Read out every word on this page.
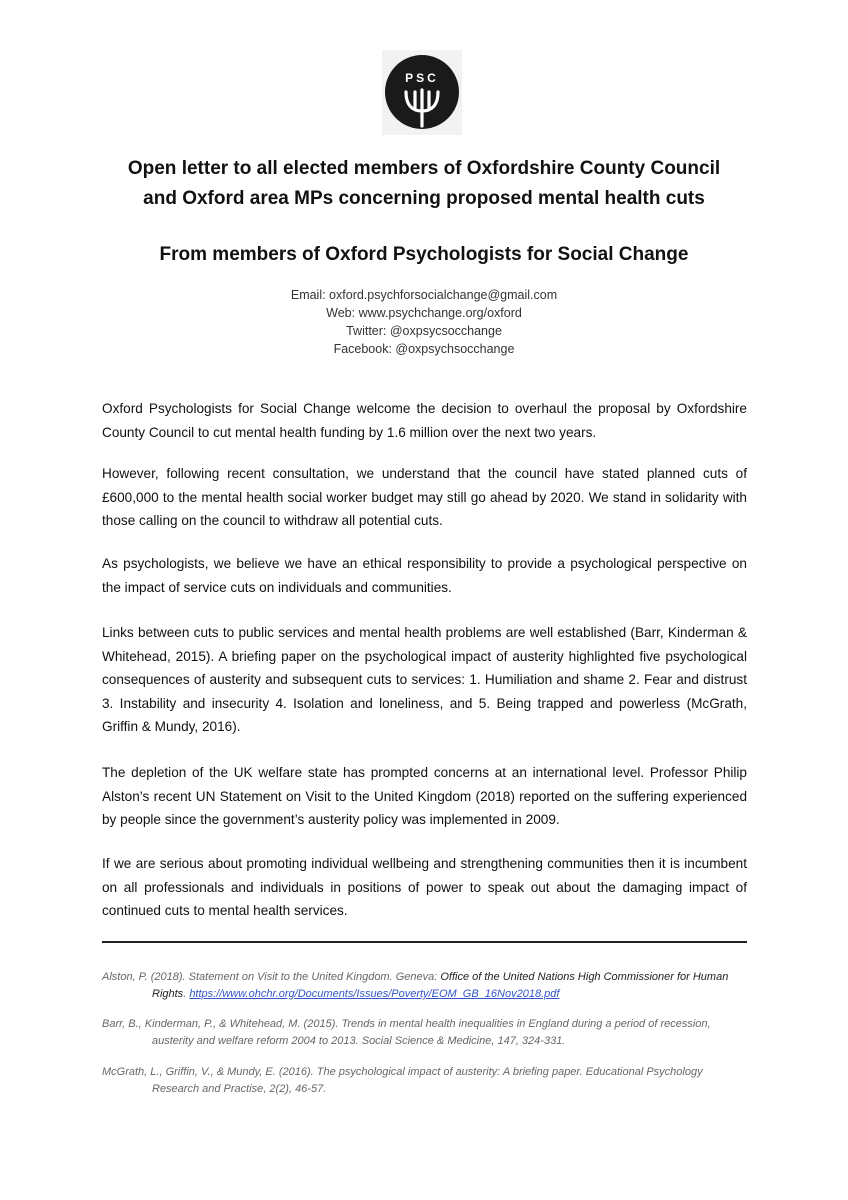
PSC
Open letter to all elected members of Oxfordshire County Council
and Oxford area MPs concerning proposed mental health cuts
From members of Oxford Psychologists for Social Change
Email: oxford.psychforsocialchange@gmail.com
Web: www.psychchange.org/oxford
Twitter: @oxpsycsocchange
Facebook: @oxpsychsocchange

Oxford Psychologists for Social Change welcome the decision to overhaul the proposal by Oxfordshire County Council to cut mental health funding by 1.6 million over the next two years.

However, following recent consultation, we understand that the council have stated planned cuts of £600,000 to the mental health social worker budget may still go ahead by 2020. We stand in solidarity with those calling on the council to withdraw all potential cuts.

As psychologists, we believe we have an ethical responsibility to provide a psychological perspective on the impact of service cuts on individuals and communities.

Links between cuts to public services and mental health problems are well established (Barr, Kinderman & Whitehead, 2015). A briefing paper on the psychological impact of austerity highlighted five psychological consequences of austerity and subsequent cuts to services: 1. Humiliation and shame 2. Fear and distrust 3. Instability and insecurity 4. Isolation and loneliness, and 5. Being trapped and powerless (McGrath, Griffin & Mundy, 2016).

The depletion of the UK welfare state has prompted concerns at an international level. Professor Philip Alston’s recent UN Statement on Visit to the United Kingdom (2018) reported on the suffering experienced by people since the government’s austerity policy was implemented in 2009.

If we are serious about promoting individual wellbeing and strengthening communities then it is incumbent on all professionals and individuals in positions of power to speak out about the damaging impact of continued cuts to mental health services.

Alston, P. (2018). Statement on Visit to the United Kingdom. Geneva: Office of the United Nations High Commissioner for Human Rights. https://www.ohchr.org/Documents/Issues/Poverty/EOM_GB_16Nov2018.pdf

Barr, B., Kinderman, P., & Whitehead, M. (2015). Trends in mental health inequalities in England during a period of recession, austerity and welfare reform 2004 to 2013. Social Science & Medicine, 147, 324-331.

McGrath, L., Griffin, V., & Mundy, E. (2016). The psychological impact of austerity: A briefing paper. Educational Psychology Research and Practise, 2(2), 46-57.
